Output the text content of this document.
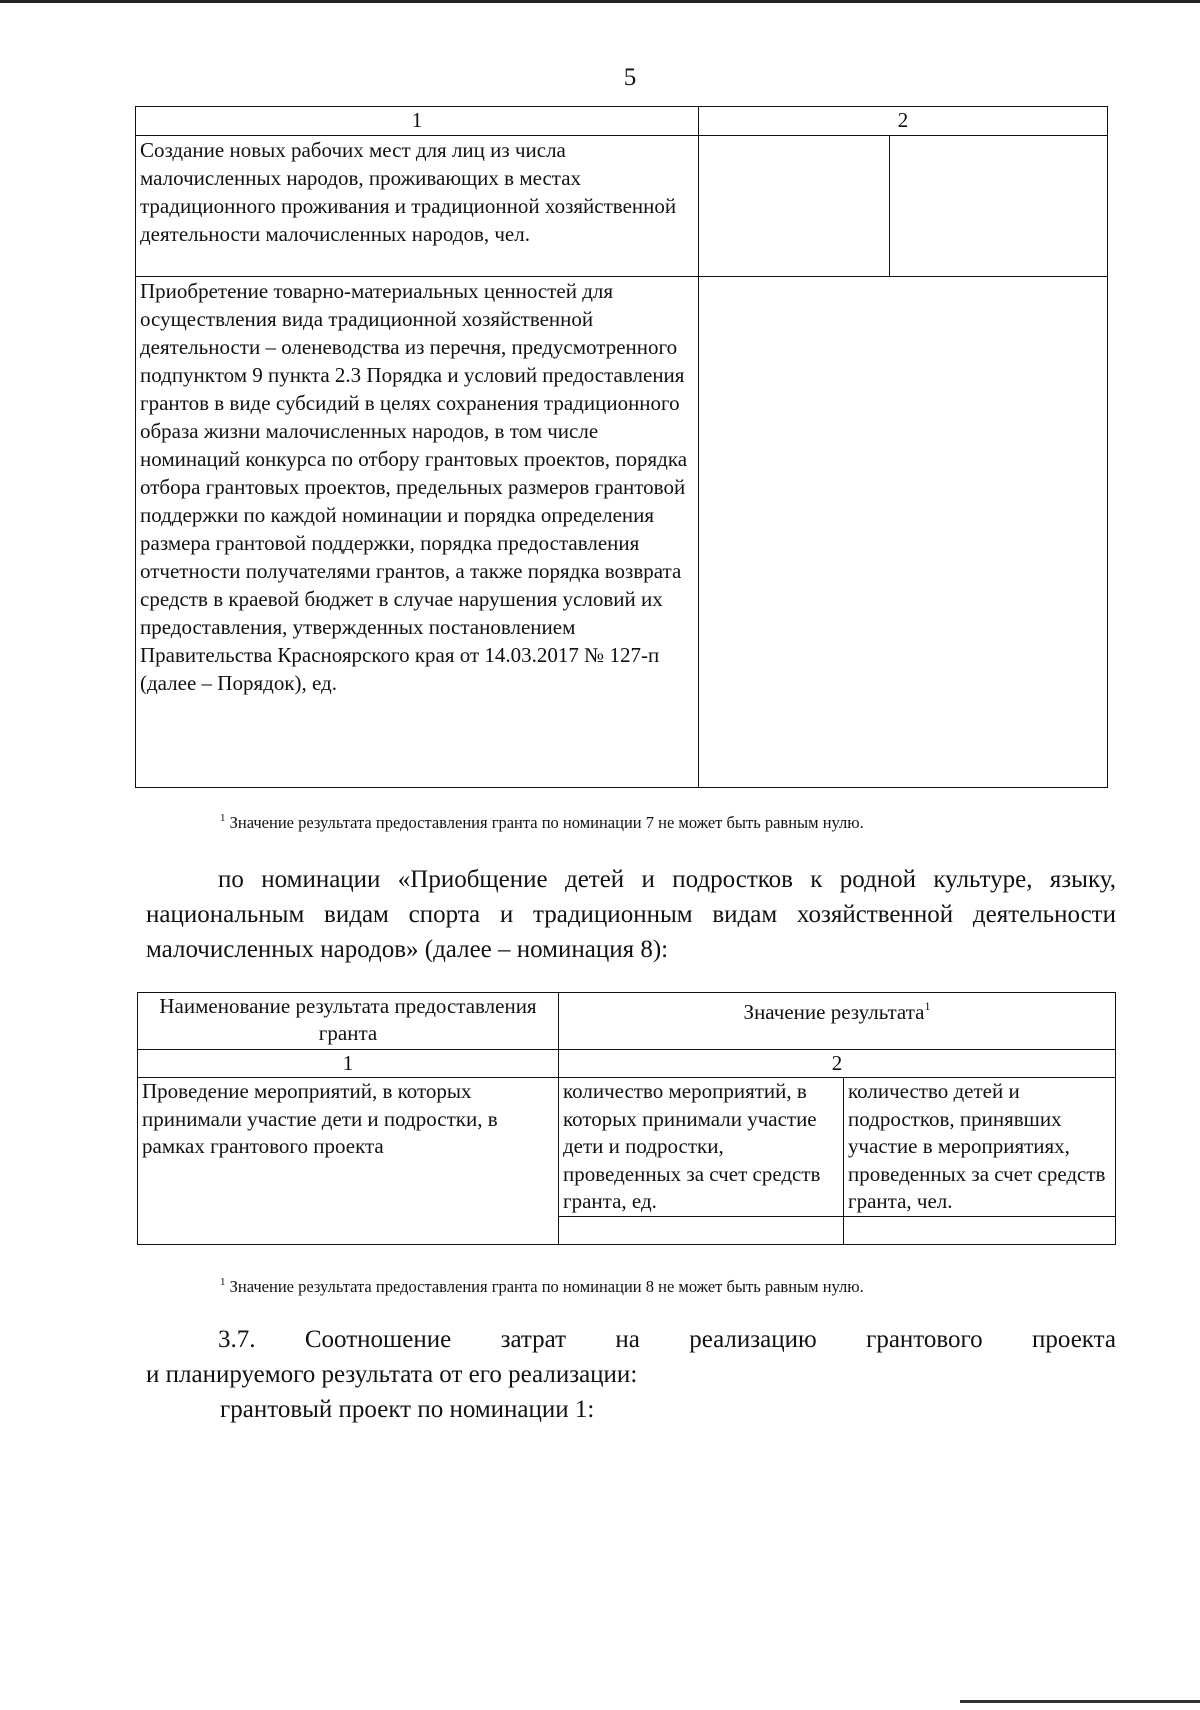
5
1	2	
Создание новых рабочих мест для лиц из числа малочисленных народов, проживающих в местах традиционного проживания и традиционной хозяйственной деятельности малочисленных народов, чел.		
Приобретение товарно-материальных ценностей для осуществления вида традиционной хозяйственной деятельности – оленеводства из перечня, предусмотренного подпунктом 9 пункта 2.3 Порядка и условий предоставления грантов в виде субсидий в целях сохранения традиционного образа жизни малочисленных народов, в том числе номинаций конкурса по отбору грантовых проектов, порядка отбора грантовых проектов, предельных размеров грантовой поддержки по каждой номинации и порядка определения размера грантовой поддержки, порядка предоставления отчетности получателями грантов, а также порядка возврата средств в краевой бюджет в случае нарушения условий их предоставления, утвержденных постановлением Правительства Красноярского края от 14.03.2017 № 127-п (далее – Порядок), ед.		
$^1$ Значение результата предоставления гранта по номинации 7 не может быть равным нулю.
по номинации «Приобщение детей и подростков к родной культуре, языку, национальным видам спорта и традиционным видам хозяйственной деятельности малочисленных народов» (далее – номинация 8):
Наименование результата предоставления гранта	Значение результата$^1$
1	2	
Проведение мероприятий, в которых принимали участие дети и подростки, в рамках грантового проекта	количество мероприятий, в которых принимали участие дети и подростки, проведенных за счет средств гранта, ед.	количество детей и подростков, принявших участие в мероприятиях, проведенных за счет средств гранта, чел.

$^1$ Значение результата предоставления гранта по номинации 8 не может быть равным нулю.
3.7. Соотношение затрат на реализацию грантового проекта
и планируемого результата от его реализации:
грантовый проект по номинации 1:
